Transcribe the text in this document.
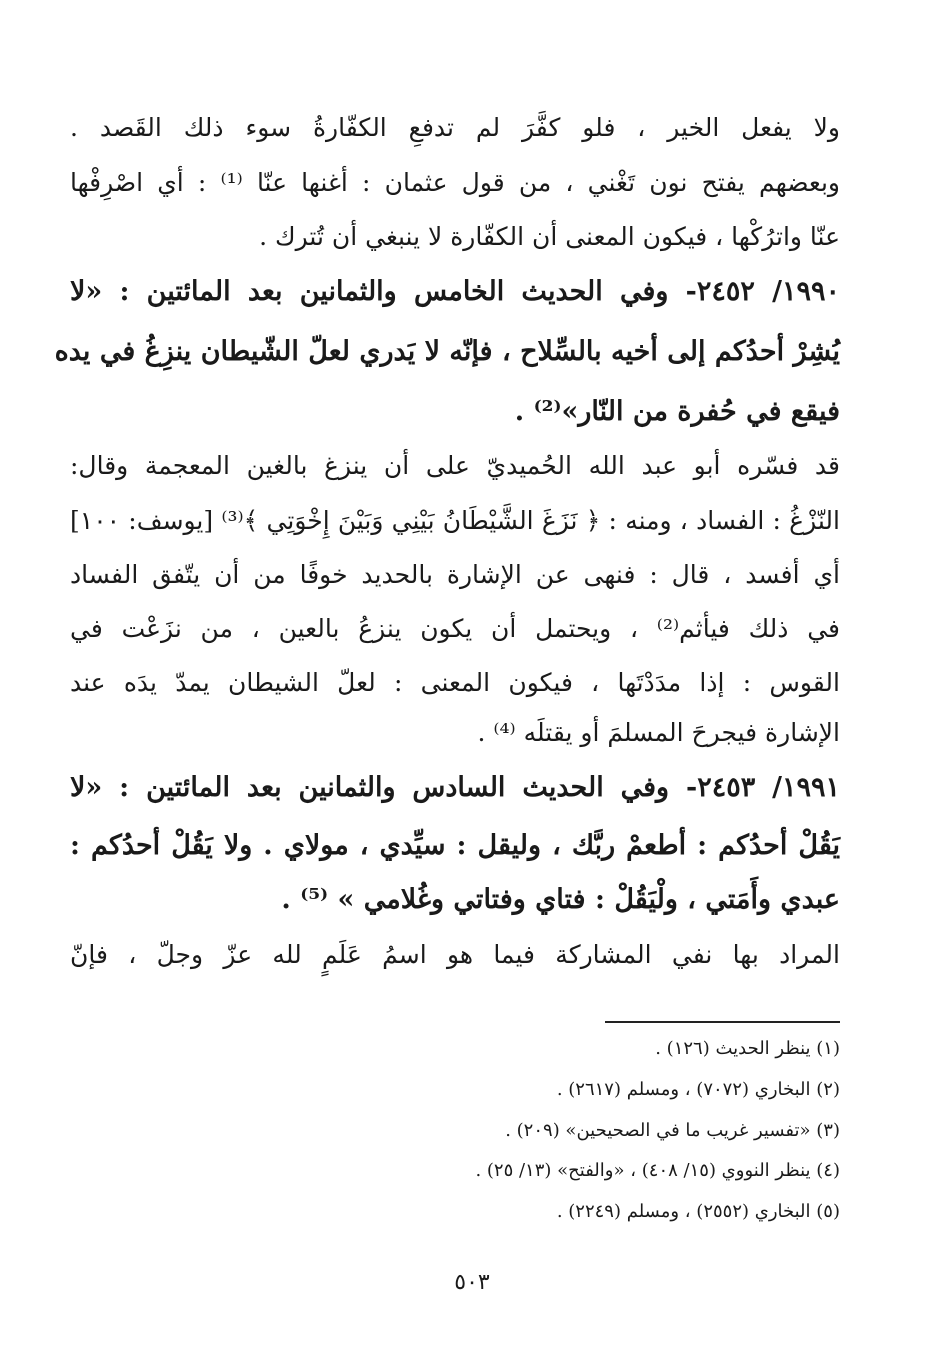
ولا يفعل الخير ، فلو كفَّرَ لم تدفعِ الكفّارةُ سوء ذلك القَصد .
وبعضهم يفتح نون تَغْني ، من قول عثمان : أغنها عنّا ⁽¹⁾ : أي اصْرِفْها
عنّا واترُكْها ، فيكون المعنى أن الكفّارة لا ينبغي أن تُترك .
١٩٩٠/ ٢٤٥٢- وفي الحديث الخامس والثمانين بعد المائتين : «لا
يُشِرْ أحدُكم إلى أخيه بالسِّلاح ، فإنّه لا يَدري لعلّ الشّيطان ينزِغُ في يده
فيقع في حُفرة من النّار»⁽²⁾ .
قد فسّره أبو عبد الله الحُميديّ على أن ينزغ بالغين المعجمة وقال:
النّزْغُ : الفساد ، ومنه : ﴿ نَزَغَ الشَّيْطَانُ بَيْنِي وَبَيْنَ إِخْوَتِي ﴾⁽³⁾ [يوسف: ١٠٠]
أي أفسد ، قال : فنهى عن الإشارة بالحديد خوفًا من أن يتّفق الفساد
في ذلك فيأثم⁽²⁾ ، ويحتمل أن يكون ينزعُ بالعين ، من نزَعْت في
القوس : إذا مدَدْتَها ، فيكون المعنى : لعلّ الشيطان يمدّ يدَه عند
الإشارة فيجرحَ المسلمَ أو يقتلَه ⁽⁴⁾ .
١٩٩١/ ٢٤٥٣- وفي الحديث السادس والثمانين بعد المائتين : «لا
يَقُلْ أحدُكم : أطعمْ ربَّك ، وليقل : سيِّدي ، مولاي . ولا يَقُلْ أحدُكم :
عبدي وأَمَتي ، ولْيَقُلْ : فتاي وفتاتي وغُلامي » ⁽⁵⁾ .
المراد بها نفي المشاركة فيما هو اسمُ عَلَمٍ لله عزّ وجلّ ، فإنّ
(١) ينظر الحديث (١٢٦) .
(٢) البخاري (٧٠٧٢) ، ومسلم (٢٦١٧) .
(٣) «تفسير غريب ما في الصحيحين» (٢٠٩) .
(٤) ينظر النووي (١٥/ ٤٠٨) ، «والفتح» (١٣/ ٢٥) .
(٥) البخاري (٢٥٥٢) ، ومسلم (٢٢٤٩) .
٥٠٣
